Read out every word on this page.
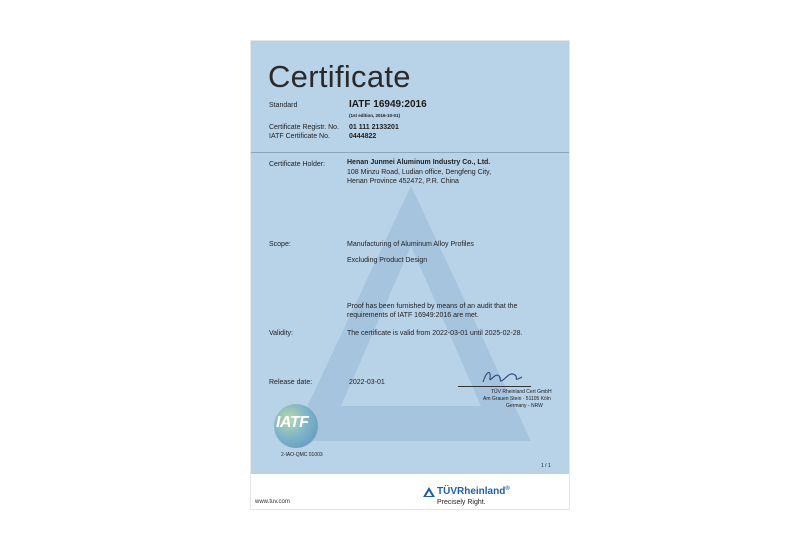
Certificate
Standard	IATF 16949:2016
(1st edition, 2016-10-01)
Certificate Registr. No. 01 111 2133201
IATF Certificate No.	0444822
Certificate Holder:	Henan Junmei Aluminum Industry Co., Ltd.
108 Minzu Road, Ludian office, Dengfeng City,
Henan Province 452472, P.R. China
Scope:	Manufacturing of Aluminum Alloy Profiles
Excluding Product Design
Proof has been furnished by means of an audit that the
requirements of IATF 16949:2016 are met.
Validity:	The certificate is valid from 2022-03-01 until 2025-02-28.
Release date:	2022-03-01
TÜV Rheinland Cert GmbH
Am Grauen Stein · 51105 Köln
Germany - NRW
IATF
2-IAO-QMC 01003
1 / 1
www.tuv.com
TÜVRheinland®
Precisely Right.
